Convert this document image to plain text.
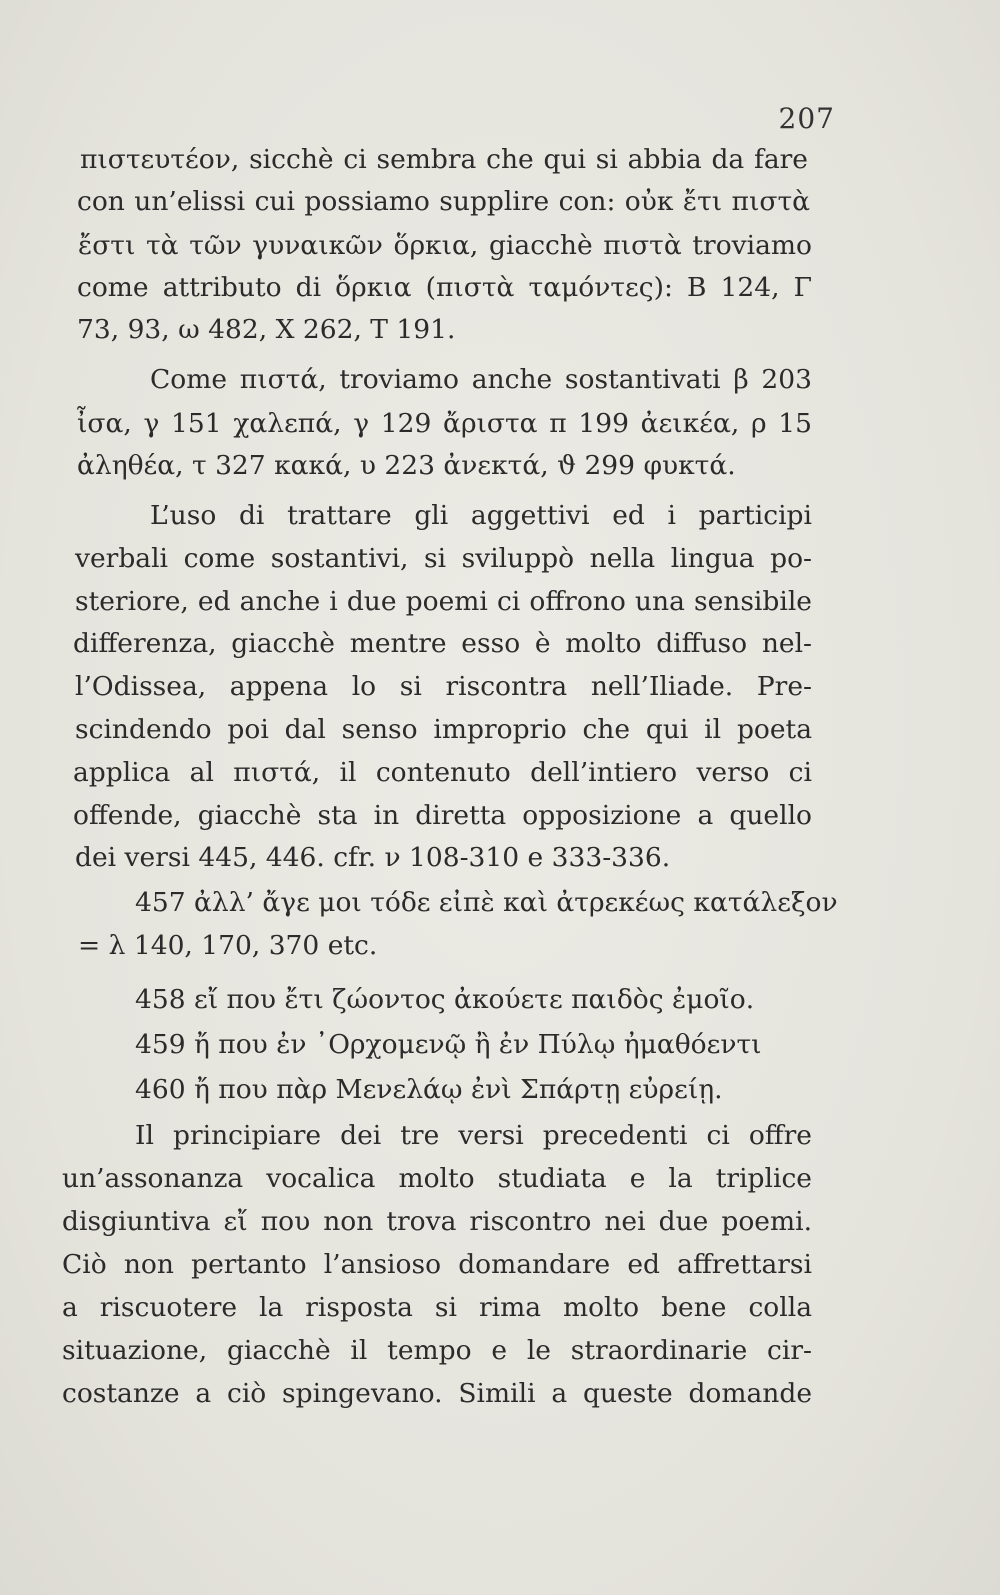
207
πιστευτέον, sicchè ci sembra che qui si abbia da fare
con un’elissi cui possiamo supplire con: οὐκ ἔτι πιστὰ
ἔστι τὰ τῶν γυναικῶν ὅρκια, giacchè πιστὰ troviamo
come attributo di ὅρκια (πιστὰ ταμόντες): B 124, Γ
73, 93, ω 482, X 262, T 191.
Come πιστά, troviamo anche sostantivati β 203
ἶσα, γ 151 χαλεπά, γ 129 ἄριστα π 199 ἀεικέα, ρ 15
ἀληθέα, τ 327 κακά, υ 223 ἀνεκτά, ϑ 299 φυκτά.
L’uso di trattare gli aggettivi ed i participi
verbali come sostantivi, si sviluppò nella lingua po-
steriore, ed anche i due poemi ci offrono una sensibile
differenza, giacchè mentre esso è molto diffuso nel-
l’Odissea, appena lo si riscontra nell’Iliade. Pre-
scindendo poi dal senso improprio che qui il poeta
applica al πιστά, il contenuto dell’intiero verso ci
offende, giacchè sta in diretta opposizione a quello
dei versi 445, 446. cfr. ν 108-310 e 333-336.
457 ἀλλ’ ἄγε μοι τόδε εἰπὲ καὶ ἀτρεκέως κατάλεξον
= λ 140, 170, 370 etc.
458 εἴ που ἔτι ζώοντος ἀκούετε παιδὸς ἐμοῖο.
459 ἤ που ἐν ᾽Ορχομενῷ ἢ ἐν Πύλῳ ἠμαθόεντι
460 ἤ που πὰρ Μενελάῳ ἐνὶ Σπάρτῃ εὐρείῃ.
Il principiare dei tre versi precedenti ci offre
un’assonanza vocalica molto studiata e la triplice
disgiuntiva εἴ που non trova riscontro nei due poemi.
Ciò non pertanto l’ansioso domandare ed affrettarsi
a riscuotere la risposta si rima molto bene colla
situazione, giacchè il tempo e le straordinarie cir-
costanze a ciò spingevano. Simili a queste domande
